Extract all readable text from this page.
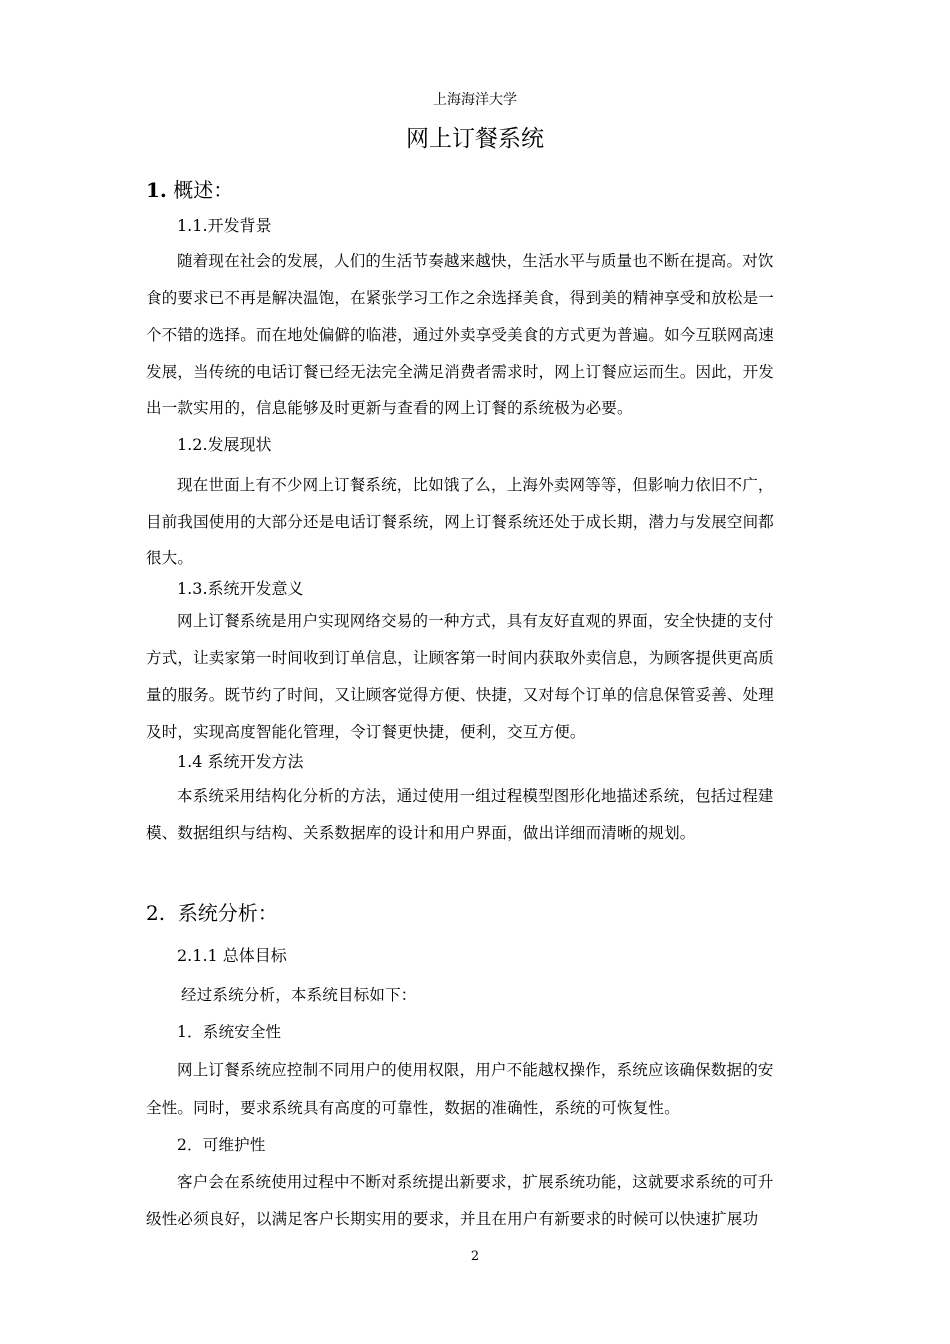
上海海洋大学
网上订餐系统
1. 概述：
1.1.开发背景
随着现在社会的发展，人们的生活节奏越来越快，生活水平与质量也不断在提高。对饮
食的要求已不再是解决温饱，在紧张学习工作之余选择美食，得到美的精神享受和放松是一
个不错的选择。而在地处偏僻的临港，通过外卖享受美食的方式更为普遍。如今互联网高速
发展，当传统的电话订餐已经无法完全满足消费者需求时，网上订餐应运而生。因此，开发
出一款实用的，信息能够及时更新与查看的网上订餐的系统极为必要。
1.2.发展现状
现在世面上有不少网上订餐系统，比如饿了么，上海外卖网等等，但影响力依旧不广，
目前我国使用的大部分还是电话订餐系统，网上订餐系统还处于成长期，潜力与发展空间都
很大。
1.3.系统开发意义
网上订餐系统是用户实现网络交易的一种方式，具有友好直观的界面，安全快捷的支付
方式，让卖家第一时间收到订单信息，让顾客第一时间内获取外卖信息，为顾客提供更高质
量的服务。既节约了时间，又让顾客觉得方便、快捷，又对每个订单的信息保管妥善、处理
及时，实现高度智能化管理，令订餐更快捷，便利，交互方便。
1.4 系统开发方法
本系统采用结构化分析的方法，通过使用一组过程模型图形化地描述系统，包括过程建
模、数据组织与结构、关系数据库的设计和用户界面，做出详细而清晰的规划。
2. 系统分析：
2.1.1 总体目标
经过系统分析，本系统目标如下：
1．系统安全性
网上订餐系统应控制不同用户的使用权限，用户不能越权操作，系统应该确保数据的安
全性。同时，要求系统具有高度的可靠性，数据的准确性，系统的可恢复性。
2．可维护性
客户会在系统使用过程中不断对系统提出新要求，扩展系统功能，这就要求系统的可升
级性必须良好，以满足客户长期实用的要求，并且在用户有新要求的时候可以快速扩展功
2
